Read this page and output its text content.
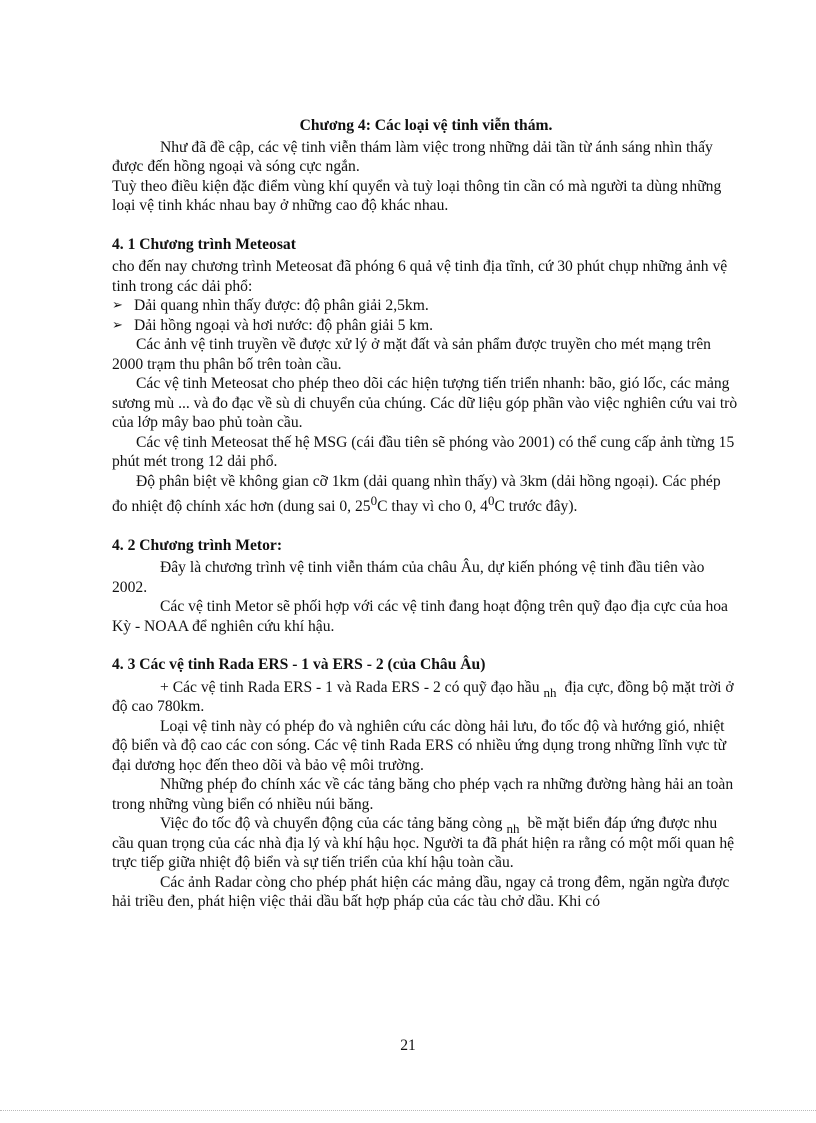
Chương 4: Các loại vệ tinh viễn thám.

Như đã đề cập, các vệ tinh viễn thám làm việc trong những dải tần từ ánh sáng nhìn thấy được đến hồng ngoại và sóng cực ngắn.

Tuỳ theo điều kiện đặc điểm vùng khí quyển và tuỳ loại thông tin cần có mà người ta dùng những loại vệ tinh khác nhau bay ở những cao độ khác nhau.

4. 1 Chương trình Meteosat

cho đến nay chương trình Meteosat đã phóng 6 quả vệ tinh địa tĩnh, cứ 30 phút chụp những ảnh vệ tinh trong các dải phổ:

➢ Dải quang nhìn thấy được: độ phân giải 2,5km.

➢ Dải hồng ngoại và hơi nước: độ phân giải 5 km.

Các ảnh vệ tinh truyền về được xử lý ở mặt đất và sản phẩm được truyền cho mét mạng trên 2000 trạm thu phân bố trên toàn cầu.

Các vệ tinh Meteosat cho phép theo dõi các hiện tượng tiến triển nhanh: bão, gió lốc, các mảng sương mù ... và đo đạc về sù di chuyển của chúng. Các dữ liệu góp phần vào việc nghiên cứu vai trò của lớp mây bao phủ toàn cầu.

Các vệ tinh Meteosat thế hệ MSG (cái đầu tiên sẽ phóng vào 2001) có thể cung cấp ảnh từng 15 phút mét trong 12 dải phổ.

Độ phân biệt về không gian cỡ 1km (dải quang nhìn thấy) và 3km (dải hồng ngoại). Các phép đo nhiệt độ chính xác hơn (dung sai 0, $25^0C$ thay vì cho 0, $4^0C$ trước đây).

4. 2 Chương trình Metor:

Đây là chương trình vệ tinh viễn thám của châu Âu, dự kiến phóng vệ tinh đầu tiên vào 2002.

Các vệ tinh Metor sẽ phối hợp với các vệ tinh đang hoạt động trên quỹ đạo địa cực của hoa Kỳ - NOAA để nghiên cứu khí hậu.

4. 3 Các vệ tinh Rada ERS - 1 và ERS - 2 (của Châu Âu)

+ Các vệ tinh Rada ERS - 1 và Rada ERS - 2 có quỹ đạo hầu $_{nh}$ địa cực, đồng bộ mặt trời ở độ cao 780km.

Loại vệ tinh này có phép đo và nghiên cứu các dòng hải lưu, đo tốc độ và hướng gió, nhiệt độ biển và độ cao các con sóng. Các vệ tinh Rada ERS có nhiều ứng dụng trong những lĩnh vực từ đại dương học đến theo dõi và bảo vệ môi trường.

Những phép đo chính xác về các tảng băng cho phép vạch ra những đường hàng hải an toàn trong những vùng biển có nhiều núi băng.

Việc đo tốc độ và chuyển động của các tảng băng còng $_{nh}$ bề mặt biển đáp ứng được nhu cầu quan trọng của các nhà địa lý và khí hậu học. Người ta đã phát hiện ra rằng có một mối quan hệ trực tiếp giữa nhiệt độ biển và sự tiến triển của khí hậu toàn cầu.

Các ảnh Radar còng cho phép phát hiện các mảng dầu, ngay cả trong đêm, ngăn ngừa được hải triều đen, phát hiện việc thải dầu bất hợp pháp của các tàu chở dầu. Khi có

21
